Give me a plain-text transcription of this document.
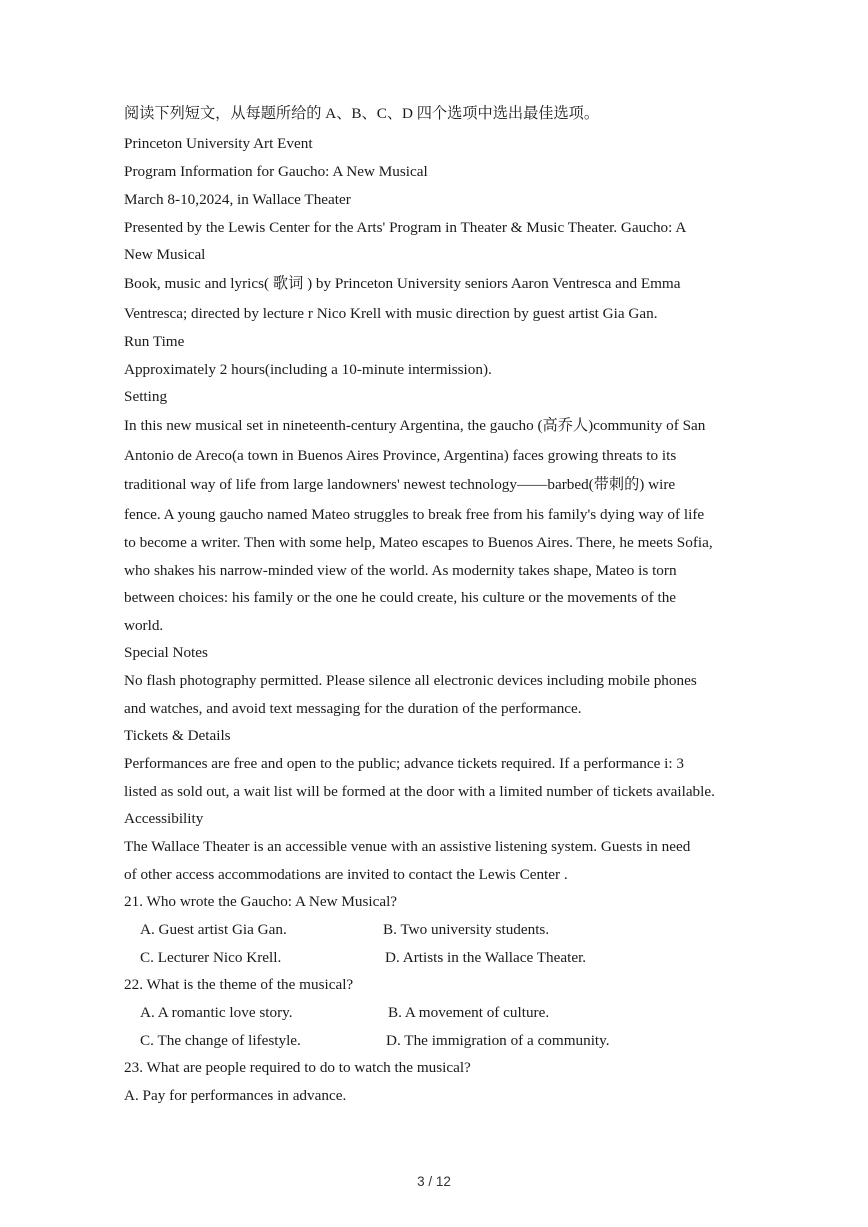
阅读下列短文，从每题所给的 A、B、C、D 四个选项中选出最佳选项。
Princeton University Art Event
Program Information for Gaucho: A New Musical
March 8-10,2024, in Wallace Theater
Presented by the Lewis Center for the Arts' Program in Theater & Music Theater. Gaucho: A
New Musical
Book, music and lyrics( 歌词 ) by Princeton University seniors Aaron Ventresca and Emma
Ventresca; directed by lecture r Nico Krell with music direction by guest artist Gia Gan.
Run Time
Approximately 2 hours(including a 10-minute intermission).
Setting
In this new musical set in nineteenth-century Argentina, the gaucho (高乔人)community of San
Antonio de Areco(a town in Buenos Aires Province, Argentina) faces growing threats to its
traditional way of life from large landowners' newest technology——barbed(带刺的) wire
fence. A young gaucho named Mateo struggles to break free from his family's dying way of life
to become a writer. Then with some help, Mateo escapes to Buenos Aires. There, he meets Sofia,
who shakes his narrow-minded view of the world. As modernity takes shape, Mateo is torn
between choices: his family or the one he could create, his culture or the movements of the
world.
Special Notes
No flash photography permitted. Please silence all electronic devices including mobile phones
and watches, and avoid text messaging for the duration of the performance.
Tickets & Details
Performances are free and open to the public; advance tickets required. If a performance i: 3
listed as sold out, a wait list will be formed at the door with a limited number of tickets available.
Accessibility
The Wallace Theater is an accessible venue with an assistive listening system. Guests in need
of other access accommodations are invited to contact the Lewis Center .
21. Who wrote the Gaucho: A New Musical?
A. Guest artist Gia Gan.	B. Two university students.
C. Lecturer Nico Krell.	D. Artists in the Wallace Theater.
22. What is the theme of the musical?
A. A romantic love story.	B. A movement of culture.
C. The change of lifestyle.	D. The immigration of a community.
23. What are people required to do to watch the musical?
A. Pay for performances in advance.
3 / 12
